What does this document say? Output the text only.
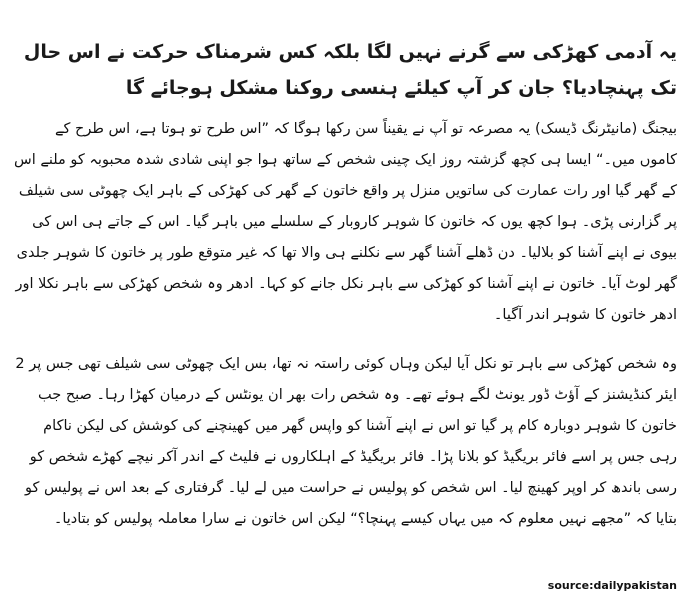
یہ آدمی کھڑکی سے گرنے نہیں لگا بلکہ کس شرمناک حرکت نے اس حال تک پہنچادیا؟ جان کر آپ کیلئے ہنسی روکنا مشکل ہوجائے گا

بیجنگ (مانیٹرنگ ڈیسک) یہ مصرعہ تو آپ نے یقیناً سن رکھا ہوگا کہ ”اس طرح تو ہوتا ہے، اس طرح کے کاموں میں۔“ ایسا ہی کچھ گزشتہ روز ایک چینی شخص کے ساتھ ہوا جو اپنی شادی شدہ محبوبہ کو ملنے اس کے گھر گیا اور رات عمارت کی ساتویں منزل پر واقع خاتون کے گھر کی کھڑکی کے باہر ایک چھوٹی سی شیلف پر گزارنی پڑی۔ ہوا کچھ یوں کہ خاتون کا شوہر کاروبار کے سلسلے میں باہر گیا۔ اس کے جاتے ہی اس کی بیوی نے اپنے آشنا کو بلالیا۔ دن ڈھلے آشنا گھر سے نکلنے ہی والا تھا کہ غیر متوقع طور پر خاتون کا شوہر جلدی گھر لوٹ آیا۔ خاتون نے اپنے آشنا کو کھڑکی سے باہر نکل جانے کو کہا۔ ادھر وہ شخص کھڑکی سے باہر نکلا اور ادھر خاتون کا شوہر اندر آگیا۔

وہ شخص کھڑکی سے باہر تو نکل آیا لیکن وہاں کوئی راستہ نہ تھا، بس ایک چھوٹی سی شیلف تھی جس پر 2 ایئر کنڈیشنز کے آؤٹ ڈور یونٹ لگے ہوئے تھے۔ وہ شخص رات بھر ان یونٹس کے درمیان کھڑا رہا۔ صبح جب خاتون کا شوہر دوبارہ کام پر گیا تو اس نے اپنے آشنا کو واپس گھر میں کھینچنے کی کوشش کی لیکن ناکام رہی جس پر اسے فائر بریگیڈ کو بلانا پڑا۔ فائر بریگیڈ کے اہلکاروں نے فلیٹ کے اندر آکر نیچے کھڑے شخص کو رسی باندھ کر اوپر کھینچ لیا۔ اس شخص کو پولیس نے حراست میں لے لیا۔ گرفتاری کے بعد اس نے پولیس کو بتایا کہ ”مجھے نہیں معلوم کہ میں یہاں کیسے پہنچا؟“ لیکن اس خاتون نے سارا معاملہ پولیس کو بتادیا۔

source:dailypakistan
